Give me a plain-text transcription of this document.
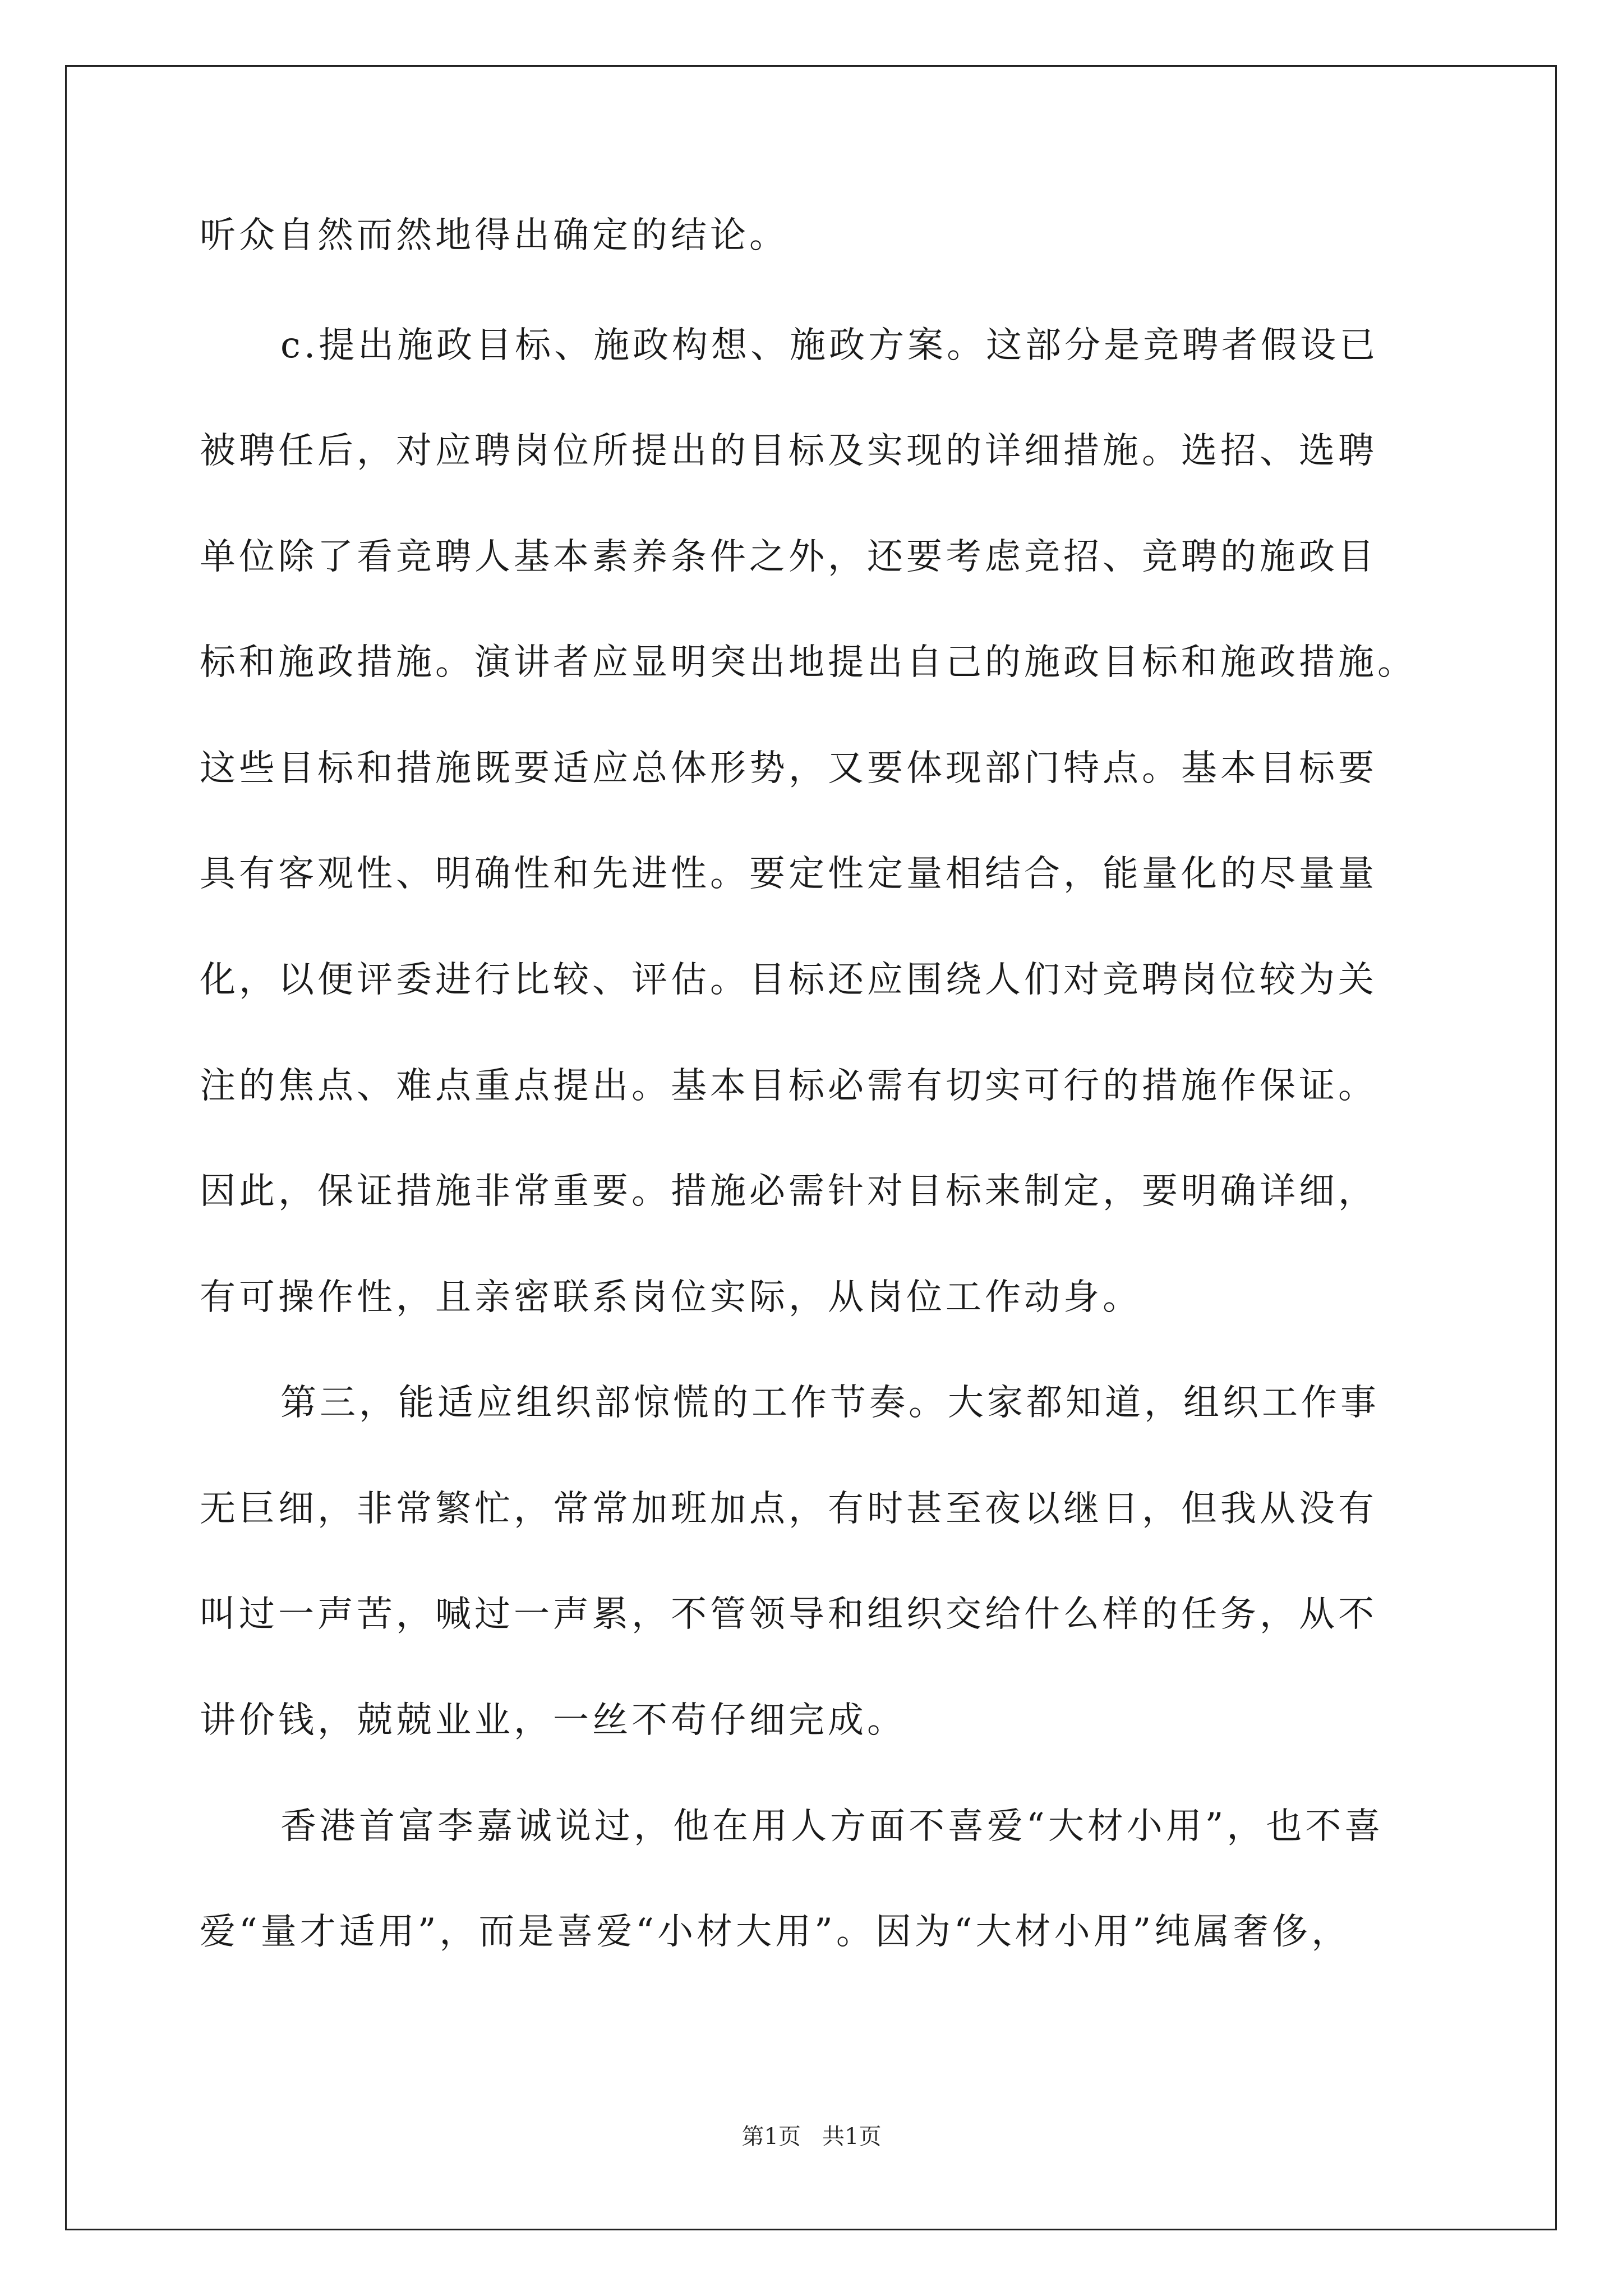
听众自然而然地得出确定的结论。
c.提出施政目标、施政构想、施政方案。这部分是竞聘者假设已
被聘任后，对应聘岗位所提出的目标及实现的详细措施。选招、选聘
单位除了看竞聘人基本素养条件之外，还要考虑竞招、竞聘的施政目
标和施政措施。演讲者应显明突出地提出自己的施政目标和施政措施。
这些目标和措施既要适应总体形势，又要体现部门特点。基本目标要
具有客观性、明确性和先进性。要定性定量相结合，能量化的尽量量
化，以便评委进行比较、评估。目标还应围绕人们对竞聘岗位较为关
注的焦点、难点重点提出。基本目标必需有切实可行的措施作保证。
因此，保证措施非常重要。措施必需针对目标来制定，要明确详细，
有可操作性，且亲密联系岗位实际，从岗位工作动身。
第三，能适应组织部惊慌的工作节奏。大家都知道，组织工作事
无巨细，非常繁忙，常常加班加点，有时甚至夜以继日，但我从没有
叫过一声苦，喊过一声累，不管领导和组织交给什么样的任务，从不
讲价钱，兢兢业业，一丝不苟仔细完成。
香港首富李嘉诚说过，他在用人方面不喜爱“大材小用”，也不喜
爱“量才适用”，而是喜爱“小材大用”。因为“大材小用”纯属奢侈，
第1页   共1页
